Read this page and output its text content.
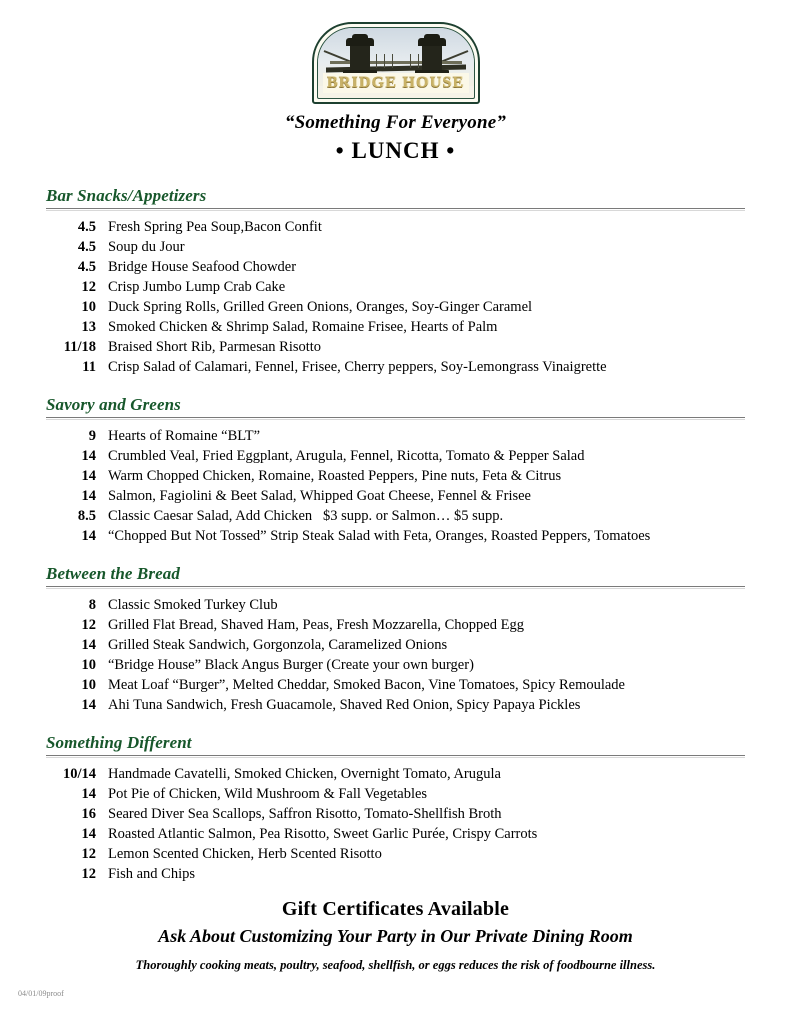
BRIDGE HOUSE
“Something For Everyone”
• LUNCH •
Bar Snacks/Appetizers
4.5 Fresh Spring Pea Soup,Bacon Confit
4.5 Soup du Jour
4.5 Bridge House Seafood Chowder
12 Crisp Jumbo Lump Crab Cake
10 Duck Spring Rolls, Grilled Green Onions, Oranges, Soy-Ginger Caramel
13 Smoked Chicken & Shrimp Salad, Romaine Frisee, Hearts of Palm
11/18 Braised Short Rib, Parmesan Risotto
11 Crisp Salad of Calamari, Fennel, Frisee, Cherry peppers, Soy-Lemongrass Vinaigrette
Savory and Greens
9 Hearts of Romaine “BLT”
14 Crumbled Veal, Fried Eggplant, Arugula, Fennel, Ricotta, Tomato & Pepper Salad
14 Warm Chopped Chicken, Romaine, Roasted Peppers, Pine nuts, Feta & Citrus
14 Salmon, Fagiolini & Beet Salad, Whipped Goat Cheese, Fennel & Frisee
8.5 Classic Caesar Salad, Add Chicken   $3 supp. or Salmon… $5 supp.
14 “Chopped But Not Tossed” Strip Steak Salad with Feta, Oranges, Roasted Peppers, Tomatoes
Between the Bread
8 Classic Smoked Turkey Club
12 Grilled Flat Bread, Shaved Ham, Peas, Fresh Mozzarella, Chopped Egg
14 Grilled Steak Sandwich, Gorgonzola, Caramelized Onions
10 “Bridge House” Black Angus Burger (Create your own burger)
10 Meat Loaf “Burger”, Melted Cheddar, Smoked Bacon, Vine Tomatoes, Spicy Remoulade
14 Ahi Tuna Sandwich, Fresh Guacamole, Shaved Red Onion, Spicy Papaya Pickles
Something Different
10/14 Handmade Cavatelli, Smoked Chicken, Overnight Tomato, Arugula
14 Pot Pie of Chicken, Wild Mushroom & Fall Vegetables
16 Seared Diver Sea Scallops, Saffron Risotto, Tomato-Shellfish Broth
14 Roasted Atlantic Salmon, Pea Risotto, Sweet Garlic Purée, Crispy Carrots
12 Lemon Scented Chicken, Herb Scented Risotto
12 Fish and Chips
Gift Certificates Available
Ask About Customizing Your Party in Our Private Dining Room
Thoroughly cooking meats, poultry, seafood, shellfish, or eggs reduces the risk of foodbourne illness.
04/01/09proof
